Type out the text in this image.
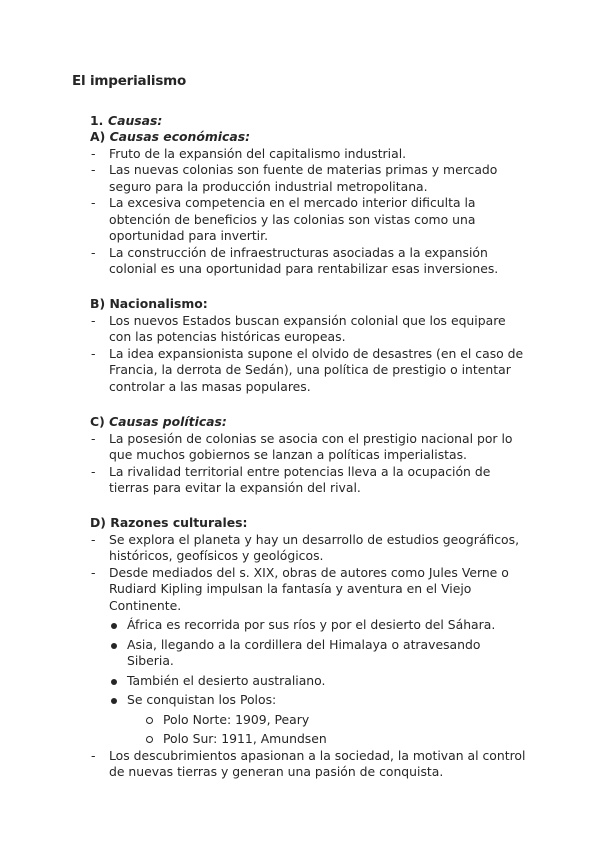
El imperialismo
1. Causas:
A) Causas económicas:
- Fruto de la expansión del capitalismo industrial.
- Las nuevas colonias son fuente de materias primas y mercado seguro para la producción industrial metropolitana.
- La excesiva competencia en el mercado interior dificulta la obtención de beneficios y las colonias son vistas como una oportunidad para invertir.
- La construcción de infraestructuras asociadas a la expansión colonial es una oportunidad para rentabilizar esas inversiones.
B) Nacionalismo:
- Los nuevos Estados buscan expansión colonial que los equipare con las potencias históricas europeas.
- La idea expansionista supone el olvido de desastres (en el caso de Francia, la derrota de Sedán), una política de prestigio o intentar controlar a las masas populares.
C) Causas políticas:
- La posesión de colonias se asocia con el prestigio nacional por lo que muchos gobiernos se lanzan a políticas imperialistas.
- La rivalidad territorial entre potencias lleva a la ocupación de tierras para evitar la expansión del rival.
D) Razones culturales:
- Se explora el planeta y hay un desarrollo de estudios geográficos, históricos, geofísicos y geológicos.
- Desde mediados del s. XIX, obras de autores como Jules Verne o Rudiard Kipling impulsan la fantasía y aventura en el Viejo Continente.
África es recorrida por sus ríos y por el desierto del Sáhara.
Asia, llegando a la cordillera del Himalaya o atravesando Siberia.
También el desierto australiano.
Se conquistan los Polos:
Polo Norte: 1909, Peary
Polo Sur: 1911, Amundsen
- Los descubrimientos apasionan a la sociedad, la motivan al control de nuevas tierras y generan una pasión de conquista.
